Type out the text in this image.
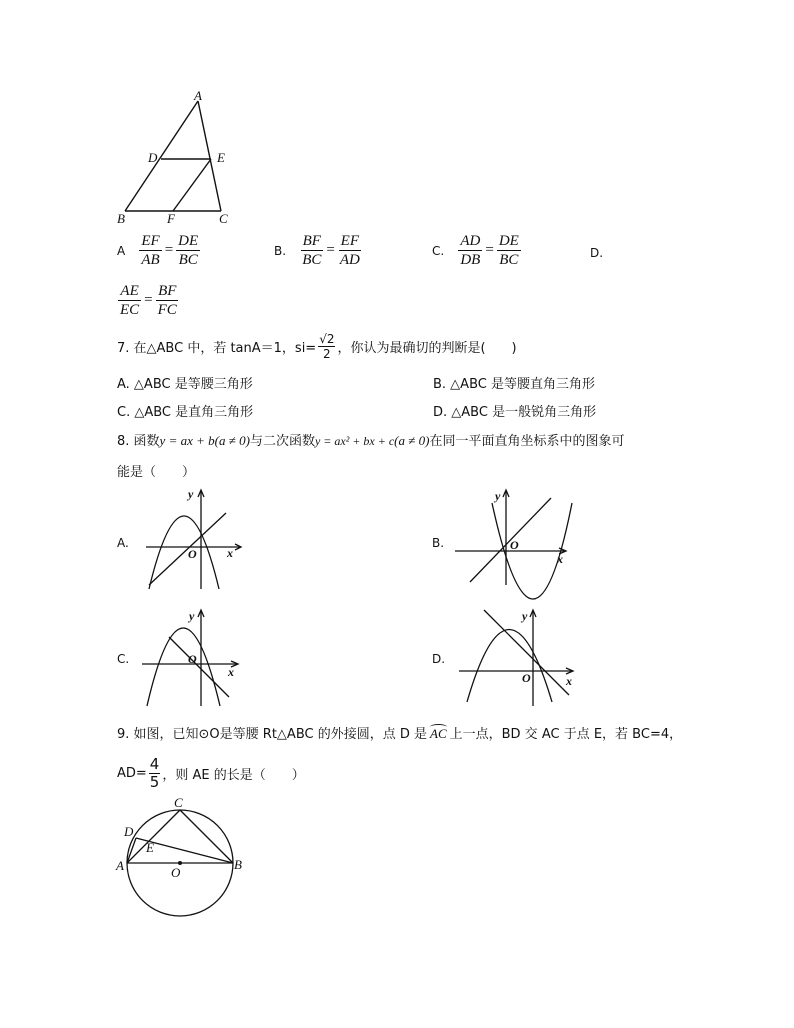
A
D	E
B	F	C
A $\frac{EF}{AB} = \frac{DE}{BC}$	B. $\frac{BF}{BC} = \frac{EF}{AD}$	C. $\frac{AD}{DB} = \frac{DE}{BC}$	D.
$\frac{AE}{EC} = \frac{BF}{FC}$
7. 在△ABC 中，若 tanA＝1，$si= \frac{√2}{2}$ ，你认为最确切的判断是(　　)
A. △ABC 是等腰三角形	B. △ABC 是等腰直角三角形
C. △ABC 是直角三角形	D. △ABC 是一般锐角三角形
8. 函数y = ax + b(a ≠ 0)与二次函数y = ax² + bx + c(a ≠ 0)在同一平面直角坐标系中的图象可
能是（　　）
A.	B.
C.	D.
y
x
O
y
x
O
y
x
O
y
x
O
9. 如图，已知⊙O是等腰 Rt△ABC 的外接圆，点 D 是 AC 上一点，BD 交 AC 于点 E，若 BC=4，
$AD= \frac{4}{5}$ ，则 AE 的长是（　　）
C
D
E
A	O
B
